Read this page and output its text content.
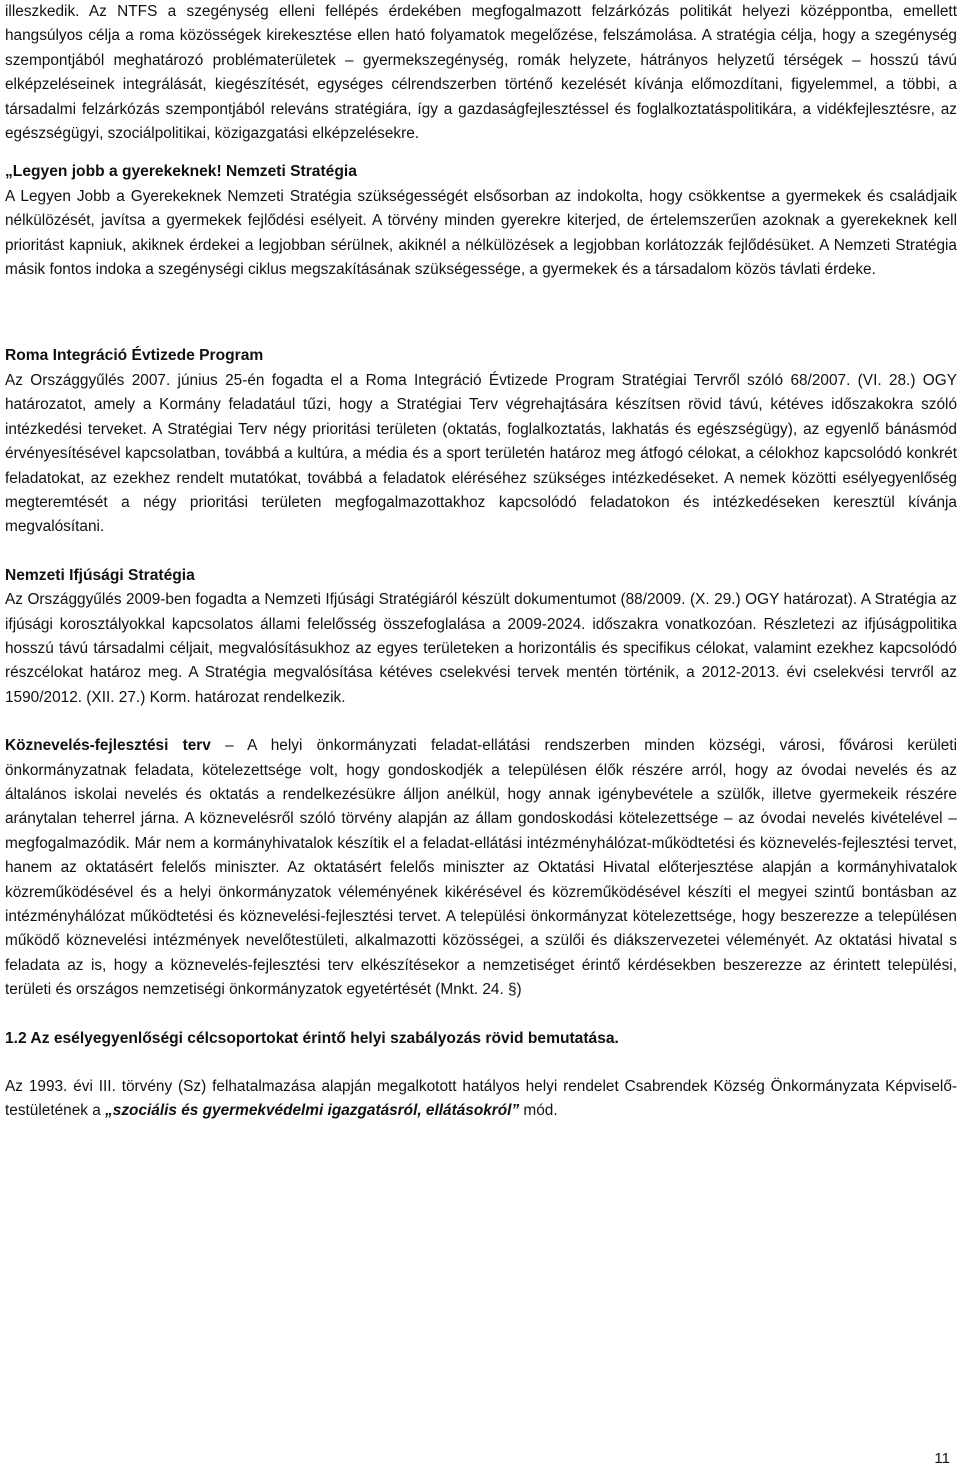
illeszkedik. Az NTFS a szegénység elleni fellépés érdekében megfogalmazott felzárkózás politikát helyezi középpontba, emellett hangsúlyos célja a roma közösségek kirekesztése ellen ható folyamatok megelőzése, felszámolása. A stratégia célja, hogy a szegénység szempontjából meghatározó problématerületek – gyermekszegénység, romák helyzete, hátrányos helyzetű térségek – hosszú távú elképzeléseinek integrálását, kiegészítését, egységes célrendszerben történő kezelését kívánja előmozdítani, figyelemmel, a többi, a társadalmi felzárkózás szempontjából releváns stratégiára, így a gazdaságfejlesztéssel és foglalkoztatáspolitikára, a vidékfejlesztésre, az egészségügyi, szociálpolitikai, közigazgatási elképzelésekre.

„Legyen jobb a gyerekeknek! Nemzeti Stratégia

A Legyen Jobb a Gyerekeknek Nemzeti Stratégia szükségességét elsősorban az indokolta, hogy csökkentse a gyermekek és családjaik nélkülözését, javítsa a gyermekek fejlődési esélyeit. A törvény minden gyerekre kiterjed, de értelemszerűen azoknak a gyerekeknek kell prioritást kapniuk, akiknek érdekei a legjobban sérülnek, akiknél a nélkülözések a legjobban korlátozzák fejlődésüket. A Nemzeti Stratégia másik fontos indoka a szegénységi ciklus megszakításának szükségessége, a gyermekek és a társadalom közös távlati érdeke.

Roma Integráció Évtizede Program

Az Országgyűlés 2007. június 25-én fogadta el a Roma Integráció Évtizede Program Stratégiai Tervről szóló 68/2007. (VI. 28.) OGY határozatot, amely a Kormány feladatául tűzi, hogy a Stratégiai Terv végrehajtására készítsen rövid távú, kétéves időszakokra szóló intézkedési terveket. A Stratégiai Terv négy prioritási területen (oktatás, foglalkoztatás, lakhatás és egészségügy), az egyenlő bánásmód érvényesítésével kapcsolatban, továbbá a kultúra, a média és a sport területén határoz meg átfogó célokat, a célokhoz kapcsolódó konkrét feladatokat, az ezekhez rendelt mutatókat, továbbá a feladatok eléréséhez szükséges intézkedéseket. A nemek közötti esélyegyenlőség megteremtését a négy prioritási területen megfogalmazottakhoz kapcsolódó feladatokon és intézkedéseken keresztül kívánja megvalósítani.

Nemzeti Ifjúsági Stratégia

Az Országgyűlés 2009-ben fogadta a Nemzeti Ifjúsági Stratégiáról készült dokumentumot (88/2009. (X. 29.) OGY határozat). A Stratégia az ifjúsági korosztályokkal kapcsolatos állami felelősség összefoglalása a 2009-2024. időszakra vonatkozóan. Részletezi az ifjúságpolitika hosszú távú társadalmi céljait, megvalósításukhoz az egyes területeken a horizontális és specifikus célokat, valamint ezekhez kapcsolódó részcélokat határoz meg. A Stratégia megvalósítása kétéves cselekvési tervek mentén történik, a 2012-2013. évi cselekvési tervről az 1590/2012. (XII. 27.) Korm. határozat rendelkezik.

Köznevelés-fejlesztési terv – A helyi önkormányzati feladat-ellátási rendszerben minden községi, városi, fővárosi kerületi önkormányzatnak feladata, kötelezettsége volt, hogy gondoskodjék a településen élők részére arról, hogy az óvodai nevelés és az általános iskolai nevelés és oktatás a rendelkezésükre álljon anélkül, hogy annak igénybevétele a szülők, illetve gyermekeik részére aránytalan teherrel járna. A köznevelésről szóló törvény alapján az állam gondoskodási kötelezettsége – az óvodai nevelés kivételével – megfogalmazódik. Már nem a kormányhivatalok készítik el a feladat-ellátási intézményhálózat-működtetési és köznevelés-fejlesztési tervet, hanem az oktatásért felelős miniszter. Az oktatásért felelős miniszter az Oktatási Hivatal előterjesztése alapján a kormányhivatalok közreműködésével és a helyi önkormányzatok véleményének kikérésével és közreműködésével készíti el megyei szintű bontásban az intézményhálózat működtetési és köznevelési-fejlesztési tervet. A települési önkormányzat kötelezettsége, hogy beszerezze a településen működő köznevelési intézmények nevelőtestületi, alkalmazotti közösségei, a szülői és diákszervezetei véleményét. Az oktatási hivatal s feladata az is, hogy a köznevelés-fejlesztési terv elkészítésekor a nemzetiséget érintő kérdésekben beszerezze az érintett települési, területi és országos nemzetiségi önkormányzatok egyetértését (Mnkt. 24. §)

1.2 Az esélyegyenlőségi célcsoportokat érintő helyi szabályozás rövid bemutatása.

Az 1993. évi III. törvény (Sz) felhatalmazása alapján megalkotott hatályos helyi rendelet Csabrendek Község Önkormányzata Képviselő-testületének a „szociális és gyermekvédelmi igazgatásról, ellátásokról” mód.

11
